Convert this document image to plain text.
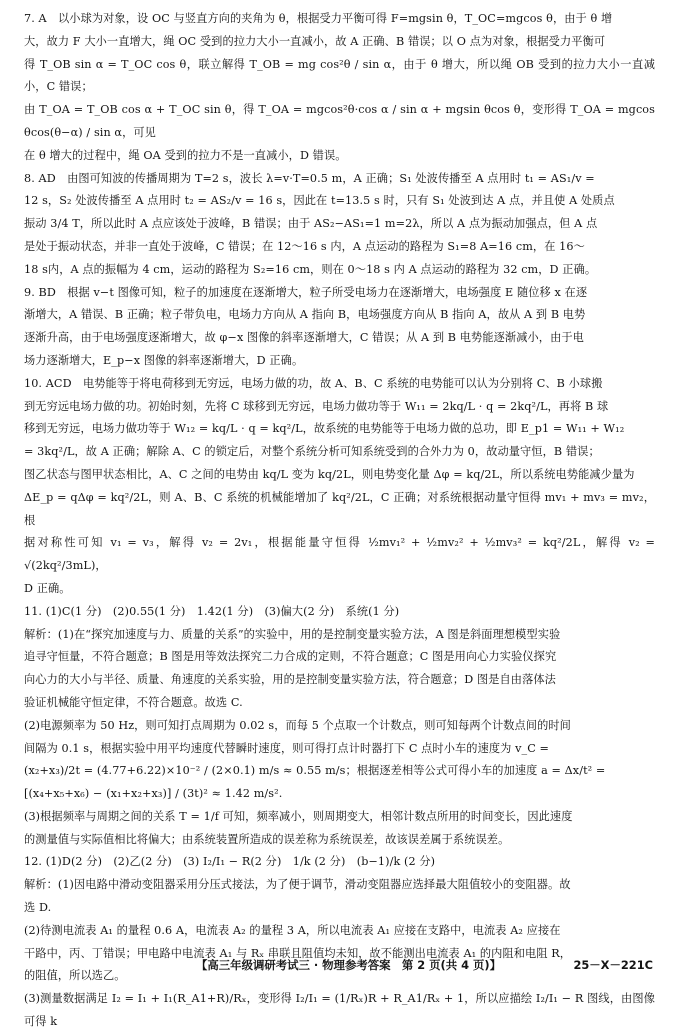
7. A　以小球为对象，设 OC 与竖直方向的夹角为 θ，根据受力平衡可得 F=mgsin θ，T_OC=mgcos θ，由于 θ 增

大，故力 F 大小一直增大，绳 OC 受到的拉力大小一直减小，故 A 正确、B 错误；以 O 点为对象，根据受力平衡可

得 T_OB sin α = T_OC cos θ，联立解得 T_OB = mg cos²θ / sin α，由于 θ 增大，所以绳 OB 受到的拉力大小一直减小，C 错误；

由 T_OA = T_OB cos α + T_OC sin θ，得 T_OA = mgcos²θ·cos α / sin α + mgsin θcos θ，变形得 T_OA = mgcos θcos(θ−α) / sin α，可见

在 θ 增大的过程中，绳 OA 受到的拉力不是一直减小，D 错误。

8. AD　由图可知波的传播周期为 T=2 s，波长 λ=v·T=0.5 m，A 正确；S₁ 处波传播至 A 点用时 t₁ = AS₁/v =

12 s，S₂ 处波传播至 A 点用时 t₂ = AS₂/v = 16 s，因此在 t=13.5 s 时，只有 S₁ 处波到达 A 点，并且使 A 处质点

振动 3/4 T，所以此时 A 点应该处于波峰，B 错误；由于 AS₂−AS₁=1 m=2λ，所以 A 点为振动加强点，但 A 点

是处于振动状态，并非一直处于波峰，C 错误；在 12～16 s 内，A 点运动的路程为 S₁=8 A=16 cm，在 16～

18 s内，A 点的振幅为 4 cm，运动的路程为 S₂=16 cm，则在 0～18 s 内 A 点运动的路程为 32 cm，D 正确。

9. BD　根据 v−t 图像可知，粒子的加速度在逐渐增大，粒子所受电场力在逐渐增大，电场强度 E 随位移 x 在逐

渐增大，A 错误、B 正确；粒子带负电，电场力方向从 A 指向 B，电场强度方向从 B 指向 A，故从 A 到 B 电势

逐渐升高，由于电场强度逐渐增大，故 φ−x 图像的斜率逐渐增大，C 错误；从 A 到 B 电势能逐渐减小，由于电

场力逐渐增大，E_p−x 图像的斜率逐渐增大，D 正确。

10. ACD　电势能等于将电荷移到无穷远，电场力做的功，故 A、B、C 系统的电势能可以认为分别将 C、B 小球搬

到无穷远电场力做的功。初始时刻，先将 C 球移到无穷远，电场力做功等于 W₁₁ = 2kq/L · q = 2kq²/L，再将 B 球

移到无穷远，电场力做功等于 W₁₂ = kq/L · q = kq²/L，故系统的电势能等于电场力做的总功，即 E_p1 = W₁₁ + W₁₂

= 3kq²/L，故 A 正确；解除 A、C 的锁定后，对整个系统分析可知系统受到的合外力为 0，故动量守恒，B 错误；

图乙状态与图甲状态相比，A、C 之间的电势由 kq/L 变为 kq/2L，则电势变化量 Δφ = kq/2L，所以系统电势能减少量为

ΔE_p = qΔφ = kq²/2L，则 A、B、C 系统的机械能增加了 kq²/2L，C 正确；对系统根据动量守恒得 mv₁ + mv₃ = mv₂，根

据对称性可知 v₁ = v₃，解得 v₂ = 2v₁，根据能量守恒得 ½mv₁² + ½mv₂² + ½mv₃² = kq²/2L，解得 v₂ = √(2kq²/3mL)，

D 正确。

11. (1)C(1 分)　(2)0.55(1 分)　1.42(1 分)　(3)偏大(2 分)　系统(1 分)

解析：(1)在“探究加速度与力、质量的关系”的实验中，用的是控制变量实验方法，A 图是斜面理想模型实验

追寻守恒量，不符合题意；B 图是用等效法探究二力合成的定则，不符合题意；C 图是用向心力实验仪探究

向心力的大小与半径、质量、角速度的关系实验，用的是控制变量实验方法，符合题意；D 图是自由落体法

验证机械能守恒定律，不符合题意。故选 C.

(2)电源频率为 50 Hz，则可知打点周期为 0.02 s，而每 5 个点取一个计数点，则可知每两个计数点间的时间

间隔为 0.1 s，根据实验中用平均速度代替瞬时速度，则可得打点计时器打下 C 点时小车的速度为 v_C =

(x₂+x₃)/2t = (4.77+6.22)×10⁻² / (2×0.1) m/s ≈ 0.55 m/s；根据逐差相等公式可得小车的加速度 a = Δx/t² =

[(x₄+x₅+x₆) − (x₁+x₂+x₃)] / (3t)² ≈ 1.42 m/s².

(3)根据频率与周期之间的关系 T = 1/f 可知，频率减小，则周期变大，相邻计数点所用的时间变长，因此速度

的测量值与实际值相比将偏大；由系统装置所造成的误差称为系统误差，故该误差属于系统误差。

12. (1)D(2 分)　(2)乙(2 分)　(3) I₂/I₁ − R(2 分)　1/k (2 分)　(b−1)/k (2 分)

解析：(1)因电路中滑动变阻器采用分压式接法，为了便于调节，滑动变阻器应选择最大阻值较小的变阻器。故

选 D.

(2)待测电流表 A₁ 的量程 0.6 A，电流表 A₂ 的量程 3 A，所以电流表 A₁ 应接在支路中，电流表 A₂ 应接在

干路中，丙、丁错误；甲电路中电流表 A₁ 与 Rₓ 串联且阻值均未知，故不能测出电流表 A₁ 的内阻和电阻 R，

的阻值，所以选乙。

(3)测量数据满足 I₂ = I₁ + I₁(R_A1+R)/Rₓ，变形得 I₂/I₁ = (1/Rₓ)R + R_A1/Rₓ + 1，所以应描绘 I₂/I₁ − R 图线，由图像可得 k

【高三年级调研考试三 · 物理参考答案　第 2 页(共 4 页)】	25－X－221C
